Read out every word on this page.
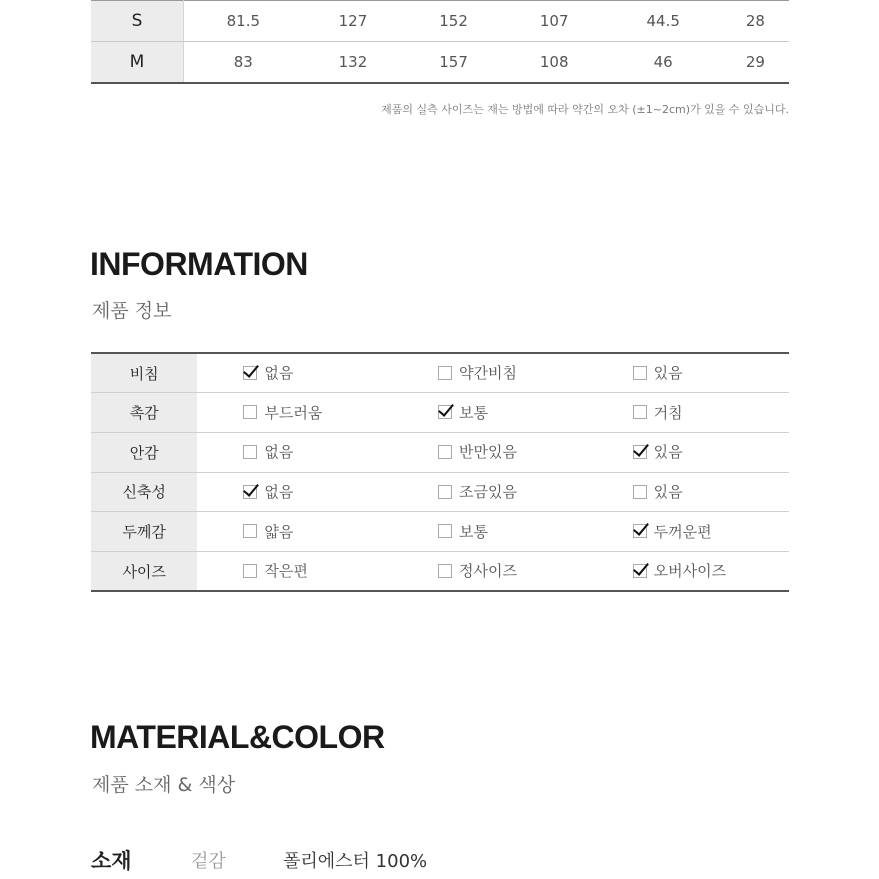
S	81.5	127	152	107	44.5	28
M	83	132	157	108	46	29
제품의 실측 사이즈는 재는 방법에 따라 약간의 오차 (±1~2cm)가 있을 수 있습니다.
INFORMATION

제품 정보

비침	없음	약간비침	있음

촉감	부드러움	보통	거침

안감	없음	반만있음	있음

신축성	없음	조금있음	있음

두께감	얇음	보통	두꺼운편

사이즈	작은편	정사이즈	오버사이즈
MATERIAL&COLOR

제품 소재 & 색상

소재	겉감	폴리에스터 100%
